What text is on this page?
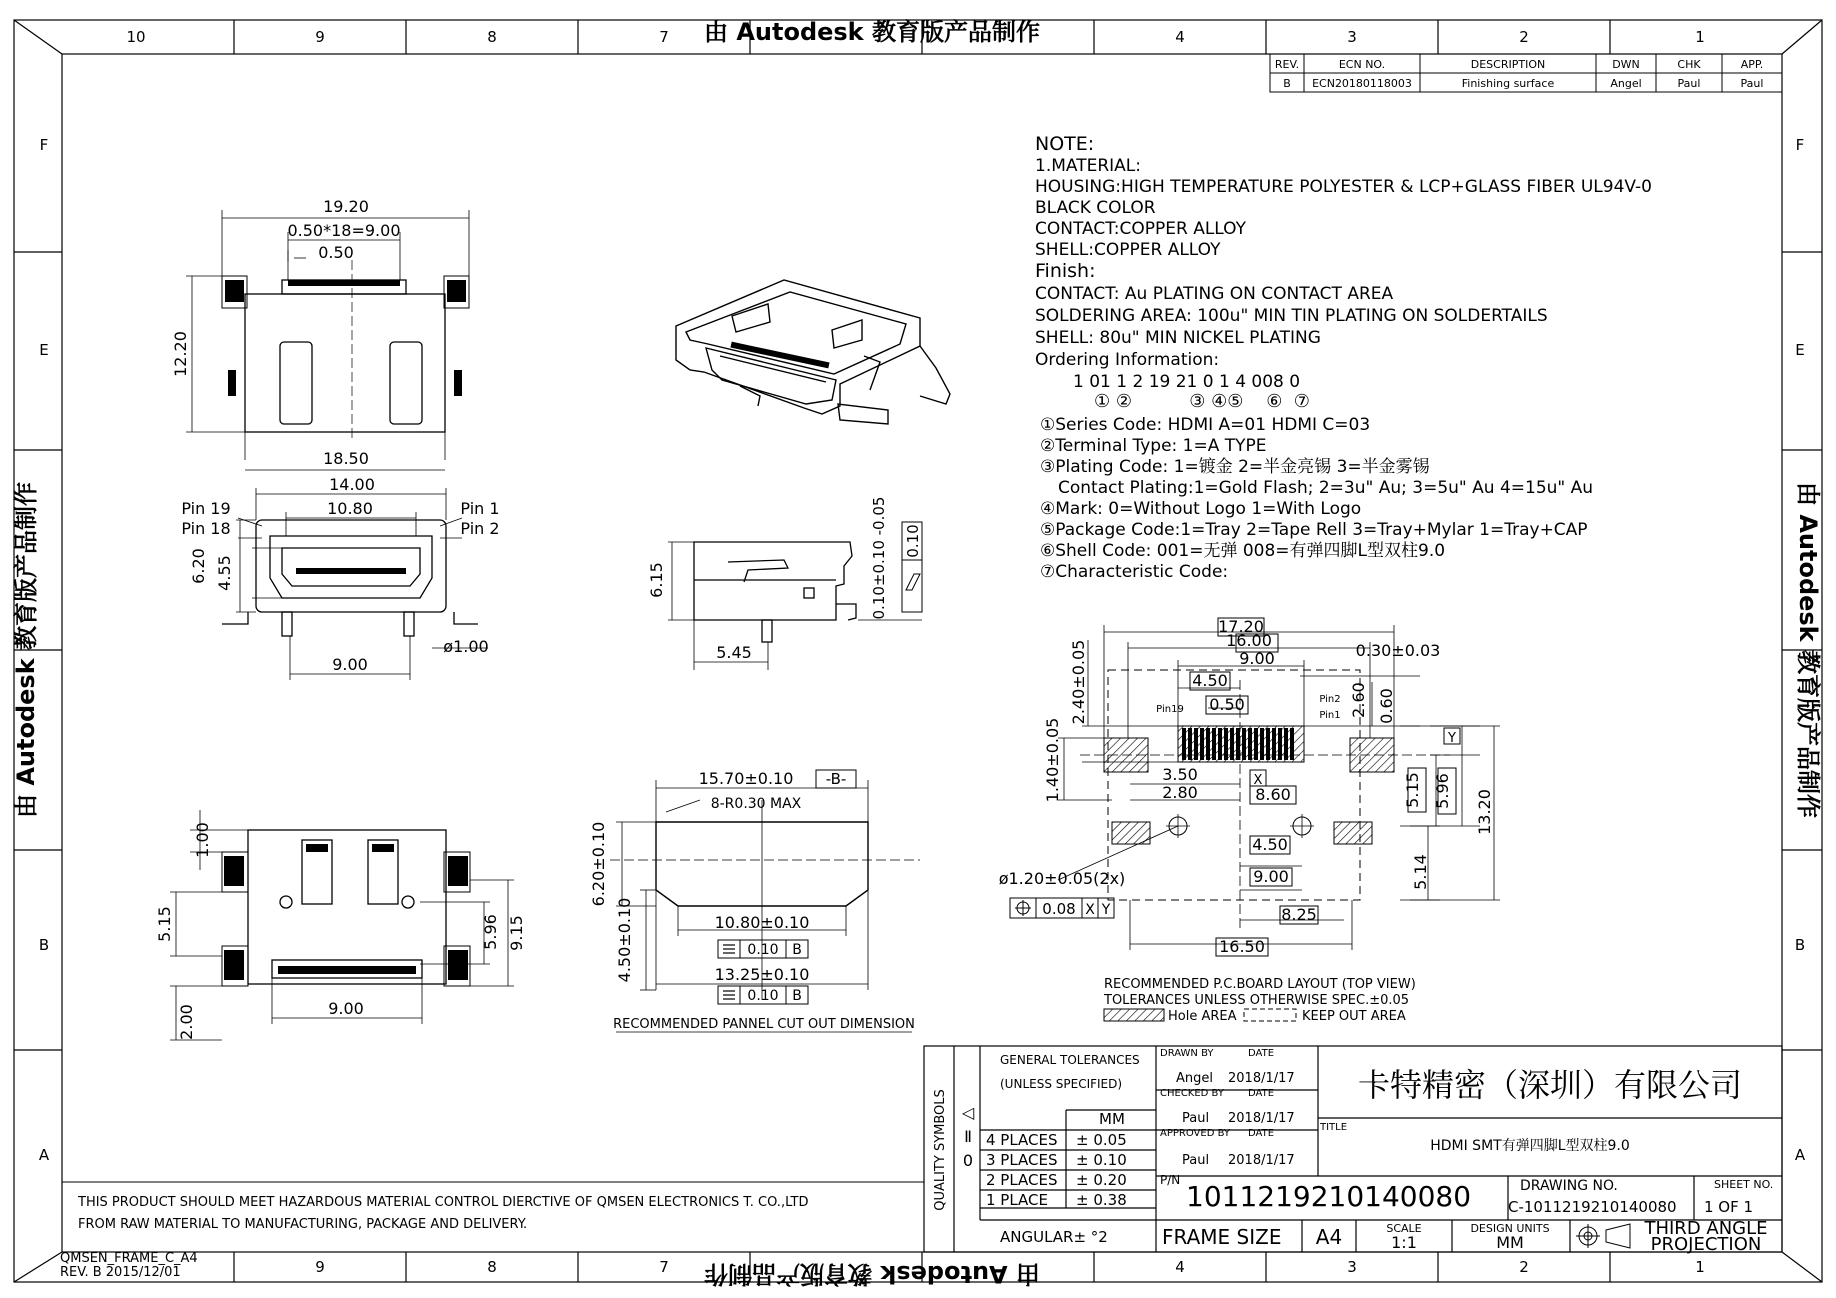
10	9	8	7	4	3	2	1
9	8	7	4	3	2	1
F
E
B
A
F
E
B
A
由 Autodesk 教育版产品制作
由 Autodesk 教育版产品制作
由 Autodesk 教育版产品制作	由 Autodesk 教育版产品制作
REV.	ECN NO.	DESCRIPTION	DWN	CHK	APP.
B ECN20180118003	Finishing surface	Angel	Paul	Paul
NOTE:
1.MATERIAL:
HOUSING:HIGH TEMPERATURE POLYESTER & LCP+GLASS FIBER UL94V-0
BLACK COLOR
CONTACT:COPPER ALLOY
SHELL:COPPER ALLOY
Finish:
CONTACT: Au PLATING ON CONTACT AREA
SOLDERING AREA: 100u" MIN TIN PLATING ON SOLDERTAILS
SHELL: 80u" MIN NICKEL PLATING
Ordering Information:
1 01 1 2 19 21 0 1 4 008 0
① ②          ③ ④⑤    ⑥  ⑦
①Series Code: HDMI A=01 HDMI C=03
②Terminal Type: 1=A TYPE
③Plating Code: 1=镀金 2=半金亮锡 3=半金雾锡
Contact Plating:1=Gold Flash; 2=3u" Au; 3=5u" Au 4=15u" Au
④Mark: 0=Without Logo 1=With Logo
⑤Package Code:1=Tray 2=Tape Rell 3=Tray+Mylar 1=Tray+CAP
⑥Shell Code: 001=无弹 008=有弹四脚L型双柱9.0
⑦Characteristic Code:
19.20
0.50*18=9.00
0.50
12.20
18.50
14.00
10.80
6.20 4.55
9.00
ø1.00
Pin 19
Pin 18
Pin 1
Pin 2
6.15
5.45
0.10±0.10 -0.05 0.10
1.00
5.15	5.96 9.15
2.00	9.00
15.70±0.10 -B-
8-R0.30 MAX
6.20±0.10
4.50±0.10	10.80±0.10
13.25±0.10
0.10 B
0.10 B
RECOMMENDED PANNEL CUT OUT DIMENSION
17.20
16.00
9.00	0.30±0.03
4.50
0.50
2.40±0.05	2.60 0.60
1.40±0.05	3.50
2.80	8.60	5.15 5.96 13.20
4.50
5.14
9.00
8.25
16.50
ø1.20±0.05(2x)
Pin19
Pin2
Pin1
X
Y
0.08 X Y
RECOMMENDED P.C.BOARD LAYOUT (TOP VIEW)
TOLERANCES UNLESS OTHERWISE SPEC.±0.05
Hole AREA	KEEP OUT AREA
THIS PRODUCT SHOULD MEET HAZARDOUS MATERIAL CONTROL DIERCTIVE OF QMSEN ELECTRONICS T. CO.,LTD
FROM RAW MATERIAL TO MANUFACTURING, PACKAGE AND DELIVERY.
QMSEN_FRAME_C_A4
REV. B 2015/12/01
QUALITY SYMBOLS ◁
Ⅱ
0
GENERAL TOLERANCES
(UNLESS SPECIFIED)
MM
4 PLACES ± 0.05
3 PLACES ± 0.10
2 PLACES ± 0.20
1 PLACE ± 0.38
ANGULAR± °2
DRAWN BY	DATE
CHECKED BY DATE
APPROVED BY DATE
TITLE
Angel 2018/1/17
Paul 2018/1/17
Paul 2018/1/17
卡特精密（深圳）有限公司
HDMI SMT有弹四脚L型双柱9.0
P/N 1011219210140080	DRAWING NO.
C-1011219210140080
SHEET NO.
1 OF 1
FRAME SIZE A4	SCALE
1:1
DESIGN UNITS
MM
THIRD ANGLE
PROJECTION
